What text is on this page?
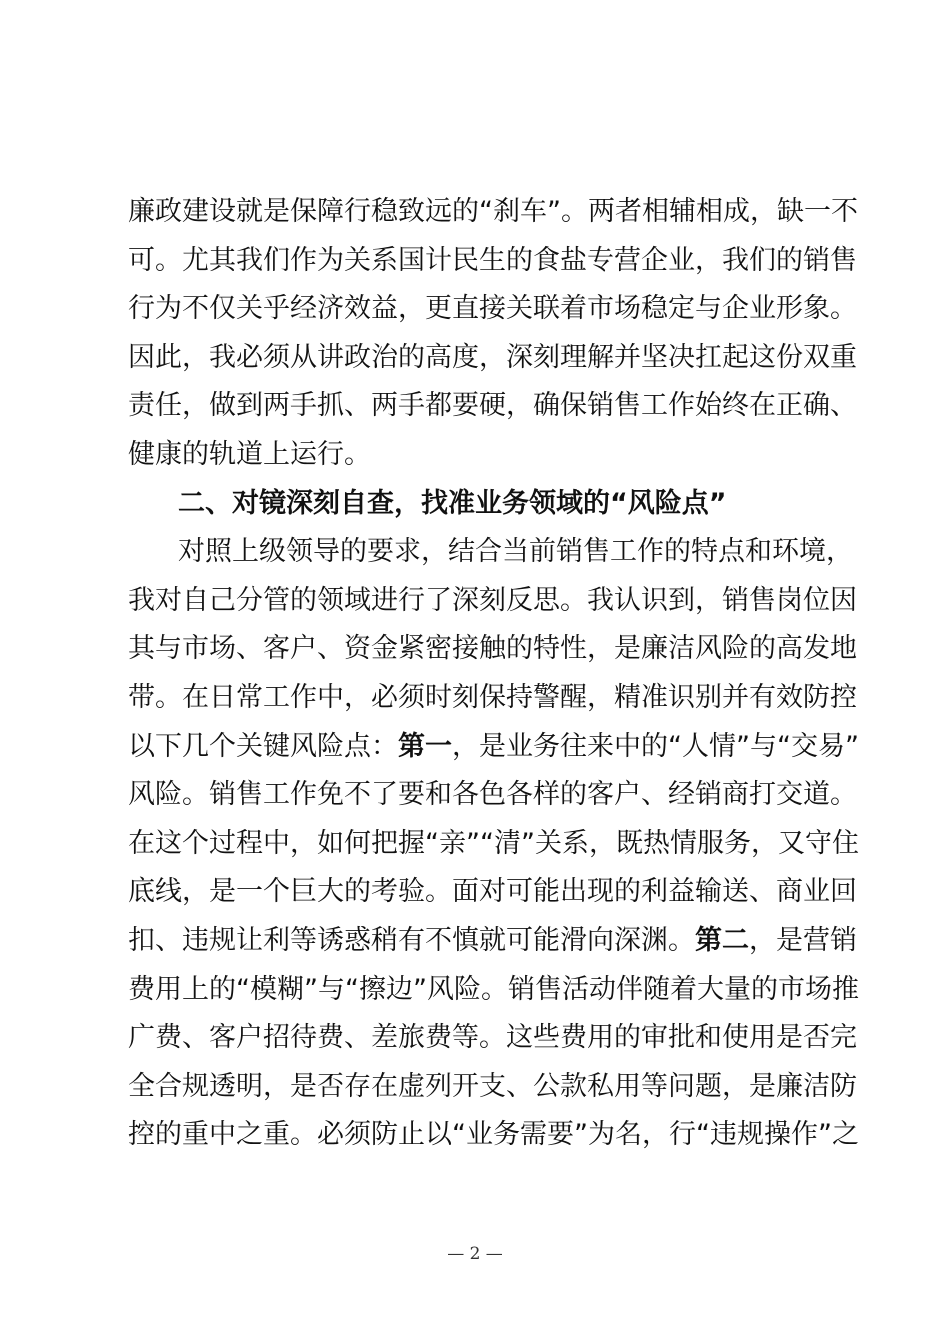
廉政建设就是保障行稳致远的“刹车”。两者相辅相成，缺一不
可。尤其我们作为关系国计民生的食盐专营企业，我们的销售
行为不仅关乎经济效益，更直接关联着市场稳定与企业形象。
因此，我必须从讲政治的高度，深刻理解并坚决扛起这份双重
责任，做到两手抓、两手都要硬，确保销售工作始终在正确、
健康的轨道上运行。
二、对镜深刻自查，找准业务领域的“风险点”
对照上级领导的要求，结合当前销售工作的特点和环境，
我对自己分管的领域进行了深刻反思。我认识到，销售岗位因
其与市场、客户、资金紧密接触的特性，是廉洁风险的高发地
带。在日常工作中，必须时刻保持警醒，精准识别并有效防控
以下几个关键风险点：第一，是业务往来中的“人情”与“交易”
风险。销售工作免不了要和各色各样的客户、经销商打交道。
在这个过程中，如何把握“亲”“清”关系，既热情服务，又守住
底线，是一个巨大的考验。面对可能出现的利益输送、商业回
扣、违规让利等诱惑稍有不慎就可能滑向深渊。第二，是营销
费用上的“模糊”与“擦边”风险。销售活动伴随着大量的市场推
广费、客户招待费、差旅费等。这些费用的审批和使用是否完
全合规透明，是否存在虚列开支、公款私用等问题，是廉洁防
控的重中之重。必须防止以“业务需要”为名，行“违规操作”之
— 2 —
